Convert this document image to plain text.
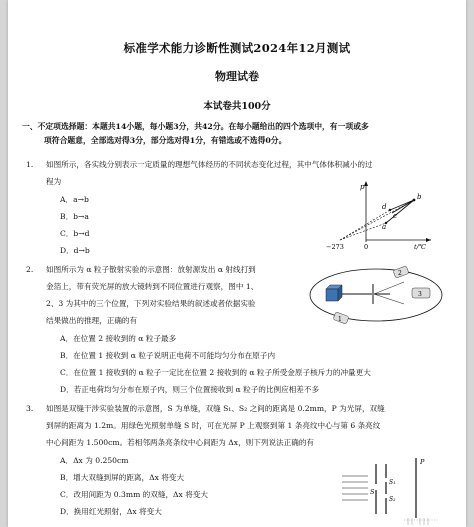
标准学术能力诊断性测试2024年12月测试
物理试卷
本试卷共100分
一、不定项选择题：本题共14小题，每小题3分，共42分。在每小题给出的四个选项中，有一项或多
项符合题意，全部选对得3分，部分选对得1分，有错选或不选得0分。
1. 如图所示，各实线分别表示一定质量的理想气体经历的不同状态变化过程，其中气体体积减小的过
程为
A．a→b
B．b→a
C．b→d
D．d→b
p
b
d
c
a
−273	0	t/℃
2. 如图所示为 α 粒子散射实验的示意图：放射源发出 α 射线打到
金箔上，带有荧光屏的放大镜转到不同位置进行观察，图中 1、
2、3 为其中的三个位置，下列对实验结果的叙述或者依据实验
结果做出的推理，正确的有
A．在位置 2 接收到的 α 粒子最多
B．在位置 1 接收到 α 粒子说明正电荷不可能均匀分布在原子内
C．在位置 1 接收到的 α 粒子一定比在位置 2 接收到的 α 粒子所受金原子核斥力的冲量更大
D．若正电荷均匀分布在原子内，则三个位置接收到 α 粒子的比例应相差不多
3
2
1
3. 如图是双缝干涉实验装置的示意图，S 为单缝，双缝 S₁、S₂ 之间的距离是 0.2mm，P 为光屏，双缝
到屏的距离为 1.2m。用绿色光照射单缝 S 时，可在光屏 P 上观察到第 1 条亮纹中心与第 6 条亮纹
中心间距为 1.500cm。若相邻两条亮条纹中心间距为 Δx，则下列说法正确的有
A．Δx 为 0.250cm
B．增大双缝到屏的距离，Δx 将变大
C．改用间距为 0.3mm 的双缝，Δx 将变大
D．换用红光照射，Δx 将变大
S
S₁
S₂
P
